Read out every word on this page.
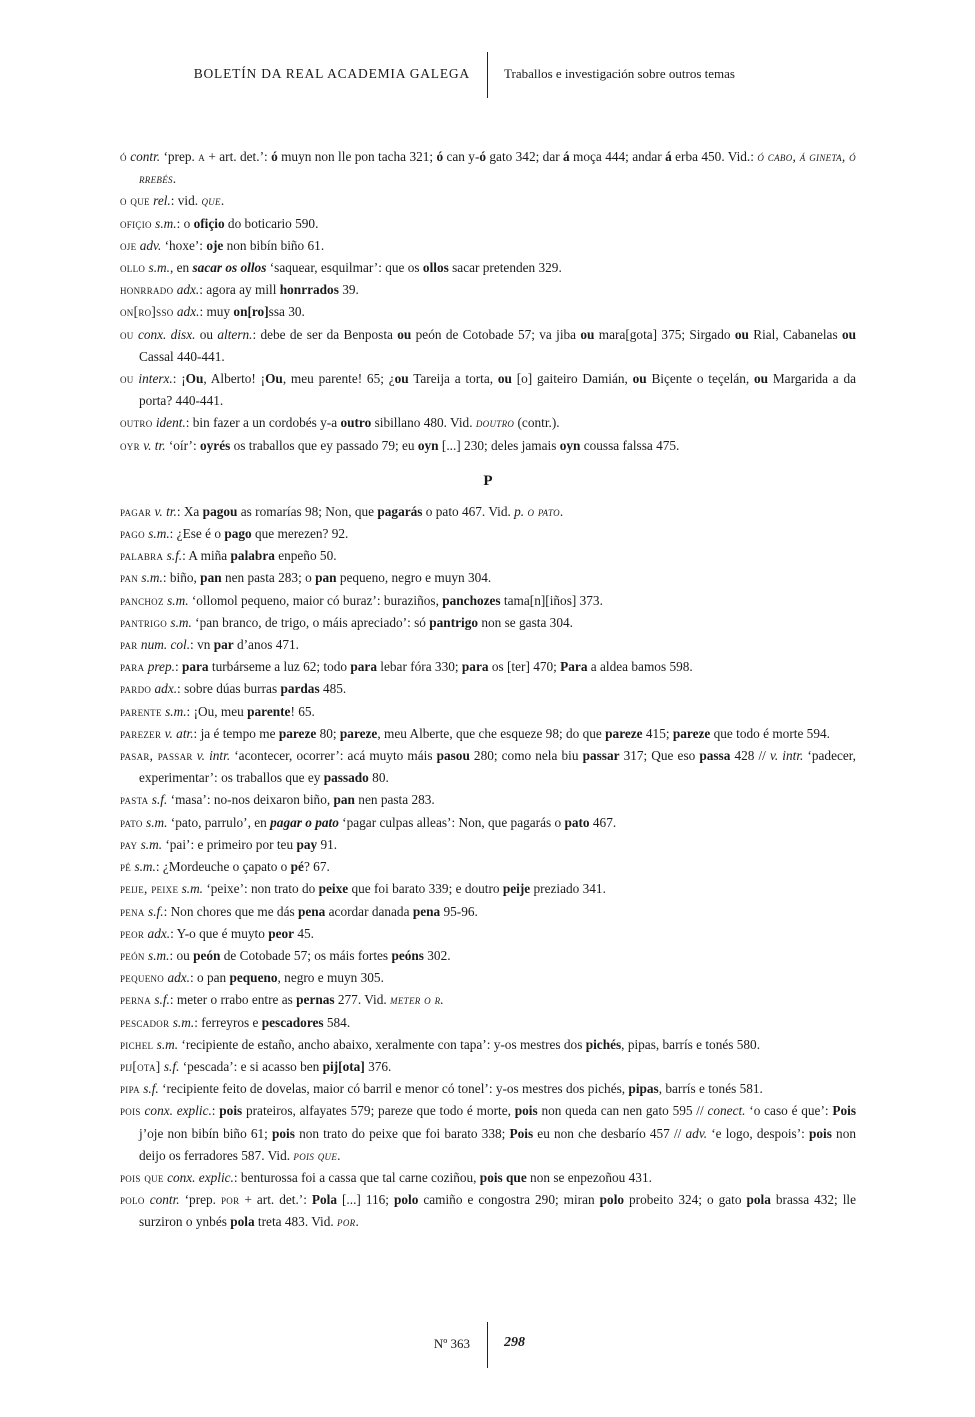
BOLETÍN DA REAL ACADEMIA GALEGA	Traballos e investigación sobre outros temas
ó contr. ‘prep. a + art. det.’: ó muyn non lle pon tacha 321; ó can y-ó gato 342; dar á moça 444; andar á erba 450. Vid.: ó cabo, á gineta, ó rrebés.
o que rel.: vid. que.
ofiçio s.m.: o ofiçio do boticario 590.
oje adv. ‘hoxe’: oje non bibín biño 61.
ollo s.m., en sacar os ollos ‘saquear, esquilmar’: que os ollos sacar pretenden 329.
honrrado adx.: agora ay mill honrrados 39.
on[ro]sso adx.: muy on[ro]ssa 30.
ou conx. disx. ou altern.: debe de ser da Benposta ou peón de Cotobade 57; va jiba ou mara[gota] 375; Sirgado ou Rial, Cabanelas ou Cassal 440-441.
ou interx.: ¡Ou, Alberto! ¡Ou, meu parente! 65; ¿ou Tareija a torta, ou [o] gaiteiro Damián, ou Biçente o teçelán, ou Margarida a da porta? 440-441.
outro ident.: bin fazer a un cordobés y-a outro sibillano 480. Vid. doutro (contr.).
oyr v. tr. ‘oír’: oyrés os traballos que ey passado 79; eu oyn [...] 230; deles jamais oyn coussa falssa 475.
P
pagar v. tr.: Xa pagou as romarías 98; Non, que pagarás o pato 467. Vid. p. o pato.
pago s.m.: ¿Ese é o pago que merezen? 92.
palabra s.f.: A miña palabra enpeño 50.
pan s.m.: biño, pan nen pasta 283; o pan pequeno, negro e muyn 304.
panchoz s.m. ‘ollomol pequeno, maior có buraz’: buraziños, panchozes tama[n][iños] 373.
pantrigo s.m. ‘pan branco, de trigo, o máis apreciado’: só pantrigo non se gasta 304.
par num. col.: vn par d’anos 471.
para prep.: para turbárseme a luz 62; todo para lebar fóra 330; para os [ter] 470; Para a aldea bamos 598.
pardo adx.: sobre dúas burras pardas 485.
parente s.m.: ¡Ou, meu parente! 65.
parezer v. atr.: ja é tempo me pareze 80; pareze, meu Alberte, que che esqueze 98; do que pareze 415; pareze que todo é morte 594.
pasar, passar v. intr. ‘acontecer, ocorrer’: acá muyto máis pasou 280; como nela biu passar 317; Que eso passa 428 // v. intr. ‘padecer, experimentar’: os traballos que ey passado 80.
pasta s.f. ‘masa’: no-nos deixaron biño, pan nen pasta 283.
pato s.m. ‘pato, parrulo’, en pagar o pato ‘pagar culpas alleas’: Non, que pagarás o pato 467.
pay s.m. ‘pai’: e primeiro por teu pay 91.
pé s.m.: ¿Mordeuche o çapato o pé? 67.
peije, peixe s.m. ‘peixe’: non trato do peixe que foi barato 339; e doutro peije preziado 341.
pena s.f.: Non chores que me dás pena acordar danada pena 95-96.
peor adx.: Y-o que é muyto peor 45.
peón s.m.: ou peón de Cotobade 57; os máis fortes peóns 302.
pequeno adx.: o pan pequeno, negro e muyn 305.
perna s.f.: meter o rrabo entre as pernas 277. Vid. meter o r.
pescador s.m.: ferreyros e pescadores 584.
pichel s.m. ‘recipiente de estaño, ancho abaixo, xeralmente con tapa’: y-os mestres dos pichés, pipas, barrís e tonés 580.
pij[ota] s.f. ‘pescada’: e si acasso ben pij[ota] 376.
pipa s.f. ‘recipiente feito de dovelas, maior có barril e menor có tonel’: y-os mestres dos pichés, pipas, barrís e tonés 581.
pois conx. explic.: pois prateiros, alfayates 579; pareze que todo é morte, pois non queda can nen gato 595 // conect. ‘o caso é que’: Pois j’oje non bibín biño 61; pois non trato do peixe que foi barato 338; Pois eu non che desbarío 457 // adv. ‘e logo, despois’: pois non deijo os ferradores 587. Vid. pois que.
pois que conx. explic.: benturossa foi a cassa que tal carne coziñou, pois que non se enpezoñou 431.
polo contr. ‘prep. por + art. det.’: Pola [...] 116; polo camiño e congostra 290; miran polo probeito 324; o gato pola brassa 432; lle surziron o ynbés pola treta 483. Vid. por.
Nº 363 298
